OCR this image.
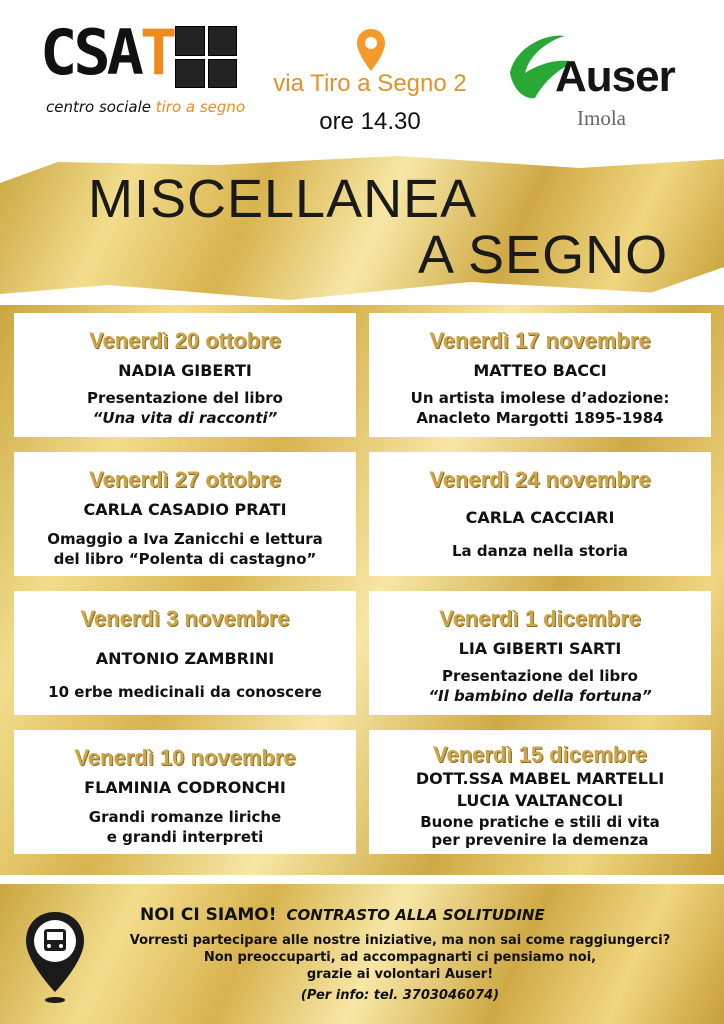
CSAT
centro sociale tiro a segno
via Tiro a Segno 2
ore 14.30
Auser
Imola
MISCELLANEA
A SEGNO
Venerdì 20 ottobre
NADIA GIBERTI
Presentazione del libro
“Una vita di racconti”
Venerdì 17 novembre
MATTEO BACCI
Un artista imolese d’adozione:
Anacleto Margotti 1895-1984
Venerdì 27 ottobre
CARLA CASADIO PRATI
Omaggio a Iva Zanicchi e lettura
del libro “Polenta di castagno”
Venerdì 24 novembre
CARLA CACCIARI
La danza nella storia
Venerdì 3 novembre
ANTONIO ZAMBRINI
10 erbe medicinali da conoscere
Venerdì 1 dicembre
LIA GIBERTI SARTI
Presentazione del libro
“Il bambino della fortuna”
Venerdì 10 novembre
FLAMINIA CODRONCHI
Grandi romanze liriche
e grandi interpreti
Venerdì 15 dicembre
DOTT.SSA MABEL MARTELLI
LUCIA VALTANCOLI
Buone pratiche e stili di vita
per prevenire la demenza
NOI CI SIAMO! CONTRASTO ALLA SOLITUDINE
Vorresti partecipare alle nostre iniziative, ma non sai come raggiungerci?
Non preoccuparti, ad accompagnarti ci pensiamo noi,
grazie ai volontari Auser!
(Per info: tel. 3703046074)
